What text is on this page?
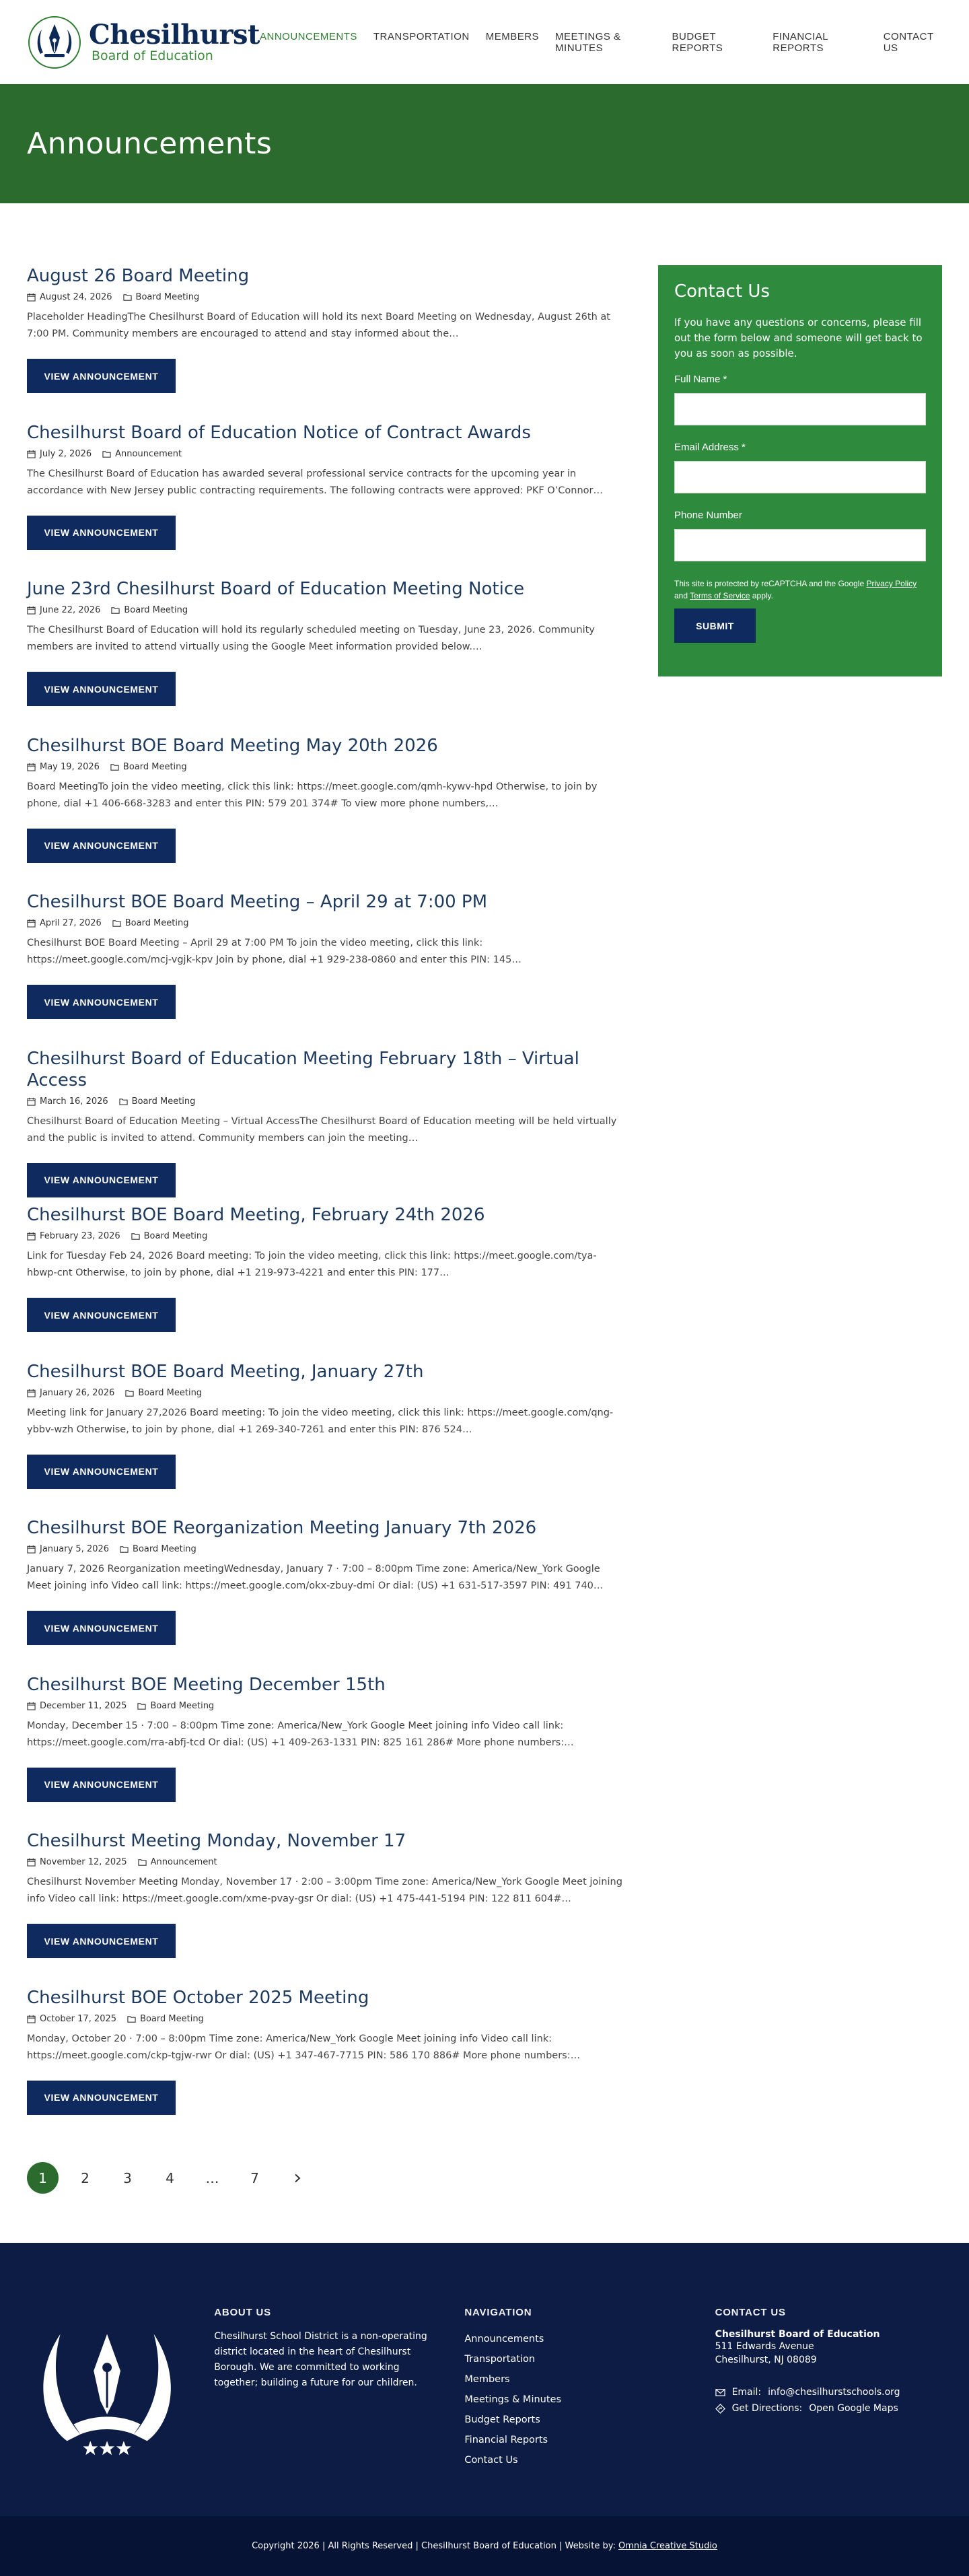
Chesilhurst
Board of Education
ANNOUNCEMENTS TRANSPORTATION MEMBERS MEETINGS & MINUTES
BUDGET REPORTS
FINANCIAL REPORTS
CONTACT US
Announcements
August 26 Board Meeting
August 24, 2026	Board Meeting

Placeholder HeadingThe Chesilhurst Board of Education will hold its next Board Meeting on Wednesday, August 26th at 7:00 PM. Community members are encouraged to attend and stay informed about the…

VIEW ANNOUNCEMENT
Chesilhurst Board of Education Notice of Contract Awards
July 2, 2026	Announcement

The Chesilhurst Board of Education has awarded several professional service contracts for the upcoming year in accordance with New Jersey public contracting requirements. The following contracts were approved: PKF O’Connor…

VIEW ANNOUNCEMENT
June 23rd Chesilhurst Board of Education Meeting Notice
June 22, 2026	Board Meeting

The Chesilhurst Board of Education will hold its regularly scheduled meeting on Tuesday, June 23, 2026. Community members are invited to attend virtually using the Google Meet information provided below.…

VIEW ANNOUNCEMENT
Chesilhurst BOE Board Meeting May 20th 2026
May 19, 2026	Board Meeting

Board MeetingTo join the video meeting, click this link: https://meet.google.com/qmh-kywv-hpd Otherwise, to join by phone, dial +1 406-668-3283 and enter this PIN: 579 201 374# To view more phone numbers,…

VIEW ANNOUNCEMENT
Chesilhurst BOE Board Meeting – April 29 at 7:00 PM
April 27, 2026	Board Meeting

Chesilhurst BOE Board Meeting – April 29 at 7:00 PM To join the video meeting, click this link: https://meet.google.com/mcj-vgjk-kpv Join by phone, dial +1 929-238-0860 and enter this PIN: 145…

VIEW ANNOUNCEMENT
Chesilhurst Board of Education Meeting February 18th – Virtual Access
March 16, 2026	Board Meeting

Chesilhurst Board of Education Meeting – Virtual AccessThe Chesilhurst Board of Education meeting will be held virtually and the public is invited to attend. Community members can join the meeting…

VIEW ANNOUNCEMENT
Chesilhurst BOE Board Meeting, February 24th 2026
February 23, 2026	Board Meeting

Link for Tuesday Feb 24, 2026 Board meeting: To join the video meeting, click this link: https://meet.google.com/tya-hbwp-cnt Otherwise, to join by phone, dial +1 219-973-4221 and enter this PIN: 177…

VIEW ANNOUNCEMENT
Chesilhurst BOE Board Meeting, January 27th
January 26, 2026	Board Meeting

Meeting link for January 27,2026 Board meeting: To join the video meeting, click this link: https://meet.google.com/qng-ybbv-wzh Otherwise, to join by phone, dial +1 269-340-7261 and enter this PIN: 876 524…

VIEW ANNOUNCEMENT
Chesilhurst BOE Reorganization Meeting January 7th 2026
January 5, 2026	Board Meeting

January 7, 2026 Reorganization meetingWednesday, January 7 · 7:00 – 8:00pm Time zone: America/New_York Google Meet joining info Video call link: https://meet.google.com/okx-zbuy-dmi Or dial: (US) +1 631-517-3597 PIN: 491 740…

VIEW ANNOUNCEMENT
Chesilhurst BOE Meeting December 15th
December 11, 2025	Board Meeting

Monday, December 15 · 7:00 – 8:00pm Time zone: America/New_York Google Meet joining info Video call link: https://meet.google.com/rra-abfj-tcd Or dial: (US) +1 409-263-1331 PIN: 825 161 286# More phone numbers:…

VIEW ANNOUNCEMENT
Chesilhurst Meeting Monday, November 17
November 12, 2025	Announcement

Chesilhurst November Meeting Monday, November 17 · 2:00 – 3:00pm Time zone: America/New_York Google Meet joining info Video call link: https://meet.google.com/xme-pvay-gsr Or dial: (US) +1 475-441-5194 PIN: 122 811 604#…

VIEW ANNOUNCEMENT
Chesilhurst BOE October 2025 Meeting
October 17, 2025	Board Meeting

Monday, October 20 · 7:00 – 8:00pm Time zone: America/New_York Google Meet joining info Video call link: https://meet.google.com/ckp-tgjw-rwr Or dial: (US) +1 347-467-7715 PIN: 586 170 886# More phone numbers:…

VIEW ANNOUNCEMENT
1	2	3	4	…	7
Contact Us

If you have any questions or concerns, please fill out the form below and someone will get back to you as soon as possible.

Full Name *
Email Address *
Phone Number

This site is protected by reCAPTCHA and the Google Privacy Policy and Terms of Service apply.

SUBMIT
ABOUT US

Chesilhurst School District is a non-operating district located in the heart of Chesilhurst Borough. We are committed to working together; building a future for our children.

NAVIGATION
Announcements
Transportation
Members
Meetings & Minutes
Budget Reports
Financial Reports
Contact Us
CONTACT US
Chesilhurst Board of Education
511 Edwards Avenue
Chesilhurst, NJ 08089
Email: info@chesilhurstschools.org
Get Directions: Open Google Maps
Copyright 2026 | All Rights Reserved | Chesilhurst Board of Education | Website by:
Omnia Creative Studio
